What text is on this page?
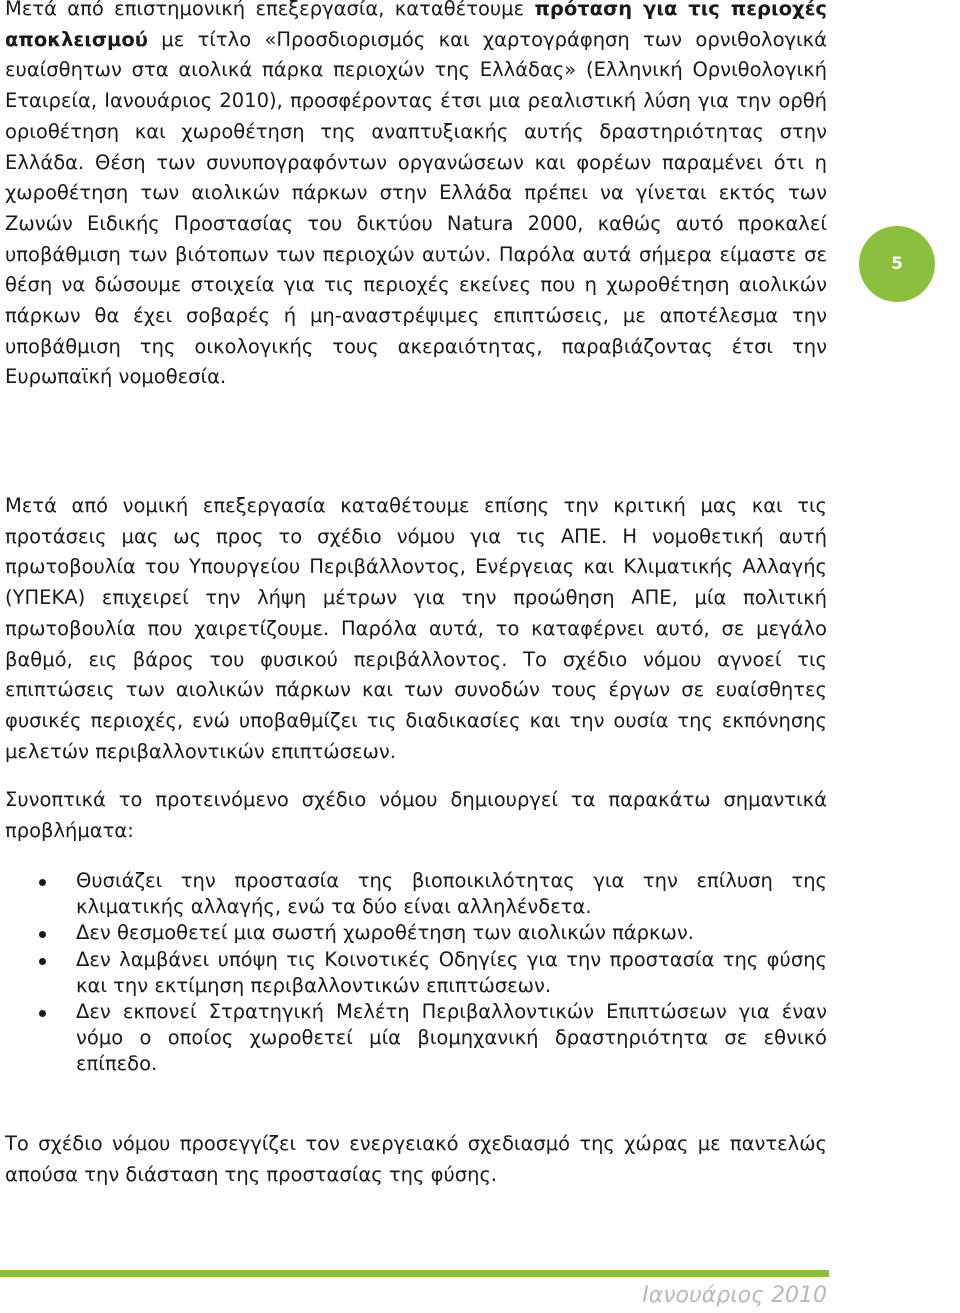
Μετά από επιστημονική επεξεργασία, καταθέτουμε πρόταση για τις περιοχές αποκλεισμού με τίτλο «Προσδιορισμός και χαρτογράφηση των ορνιθολογικά ευαίσθητων στα αιολικά πάρκα περιοχών της Ελλάδας» (Ελληνική Ορνιθολογική Εταιρεία, Ιανουάριος 2010), προσφέροντας έτσι μια ρεαλιστική λύση για την ορθή οριοθέτηση και χωροθέτηση της αναπτυξιακής αυτής δραστηριότητας στην Ελλάδα. Θέση των συνυπογραφόντων οργανώσεων και φορέων παραμένει ότι η χωροθέτηση των αιολικών πάρκων στην Ελλάδα πρέπει να γίνεται εκτός των Ζωνών Ειδικής Προστασίας του δικτύου Natura 2000, καθώς αυτό προκαλεί υποβάθμιση των βιότοπων των περιοχών αυτών. Παρόλα αυτά σήμερα είμαστε σε θέση να δώσουμε στοιχεία για τις περιοχές εκείνες που η χωροθέτηση αιολικών πάρκων θα έχει σοβαρές ή μη-αναστρέψιμες επιπτώσεις, με αποτέλεσμα την υποβάθμιση της οικολογικής τους ακεραιότητας, παραβιάζοντας έτσι την Ευρωπαϊκή νομοθεσία.

Μετά από νομική επεξεργασία καταθέτουμε επίσης την κριτική μας και τις προτάσεις μας ως προς το σχέδιο νόμου για τις ΑΠΕ. Η νομοθετική αυτή πρωτοβουλία του Υπουργείου Περιβάλλοντος, Ενέργειας και Κλιματικής Αλλαγής (ΥΠΕΚΑ) επιχειρεί την λήψη μέτρων για την προώθηση ΑΠΕ, μία πολιτική πρωτοβουλία που χαιρετίζουμε. Παρόλα αυτά, το καταφέρνει αυτό, σε μεγάλο βαθμό, εις βάρος του φυσικού περιβάλλοντος. Το σχέδιο νόμου αγνοεί τις επιπτώσεις των αιολικών πάρκων και των συνοδών τους έργων σε ευαίσθητες φυσικές περιοχές, ενώ υποβαθμίζει τις διαδικασίες και την ουσία της εκπόνησης μελετών περιβαλλοντικών επιπτώσεων.

Συνοπτικά το προτεινόμενο σχέδιο νόμου δημιουργεί τα παρακάτω σημαντικά προβλήματα:

Θυσιάζει την προστασία της βιοποικιλότητας για την επίλυση της κλιματικής αλλαγής, ενώ τα δύο είναι αλληλένδετα.
Δεν θεσμοθετεί μια σωστή χωροθέτηση των αιολικών πάρκων.
Δεν λαμβάνει υπόψη τις Κοινοτικές Οδηγίες για την προστασία της φύσης και την εκτίμηση περιβαλλοντικών επιπτώσεων.
Δεν εκπονεί Στρατηγική Μελέτη Περιβαλλοντικών Επιπτώσεων για έναν νόμο ο οποίος χωροθετεί μία βιομηχανική δραστηριότητα σε εθνικό επίπεδο.

Το σχέδιο νόμου προσεγγίζει τον ενεργειακό σχεδιασμό της χώρας με παντελώς απούσα την διάσταση της προστασίας της φύσης.

5
Ιανουάριος 2010
